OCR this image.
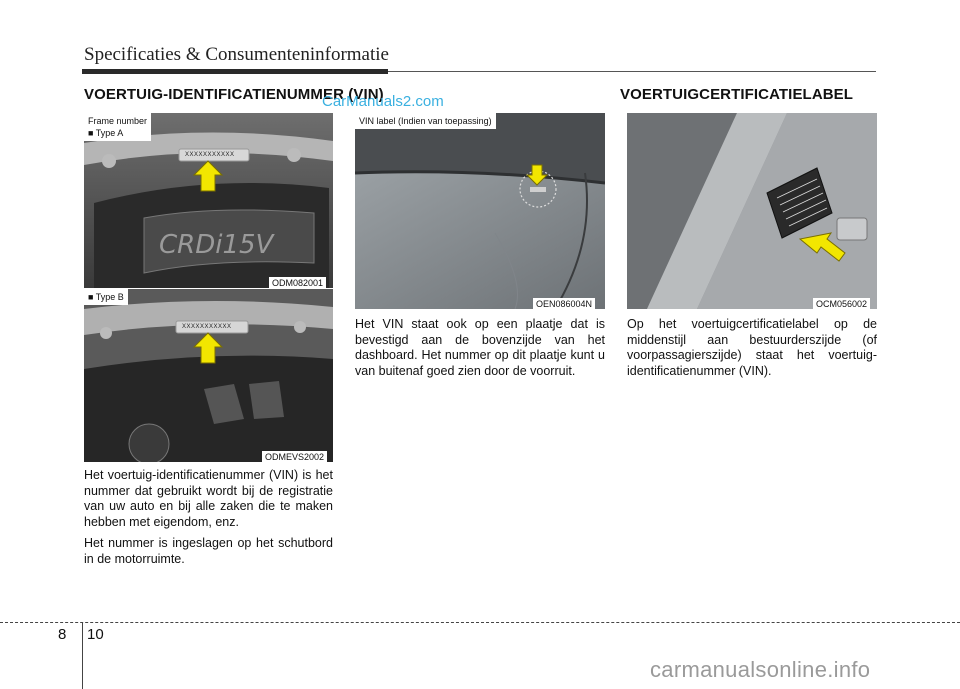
Specificaties & Consumenteninformatie
VOERTUIG-IDENTIFICATIENUMMER (VIN)	VOERTUIGCERTIFICATIELABEL
CarManuals2.com
CRDi15V
XXXXXXXXXXX
Frame number
■ Type A
ODM082001
XXXXXXXXXXX
■ Type B
ODMEVS2002
VIN label (Indien van toepassing)
OEN086004N	OCM056002

Het voertuig-identificatienummer (VIN) is het nummer dat gebruikt wordt bij de registratie van uw auto en bij alle zaken die te maken hebben met eigendom, enz.

Het nummer is ingeslagen op het schutbord in de motorruimte.

Het VIN staat ook op een plaatje dat is bevestigd aan de bovenzijde van het dashboard. Het nummer op dit plaatje kunt u van buitenaf goed zien door de voorruit.

Op het voertuigcertificatielabel op de middenstijl aan bestuurderszijde (of voorpassagierszijde) staat het voertuig-identificatienummer (VIN).

8 10
carmanualsonline.info
